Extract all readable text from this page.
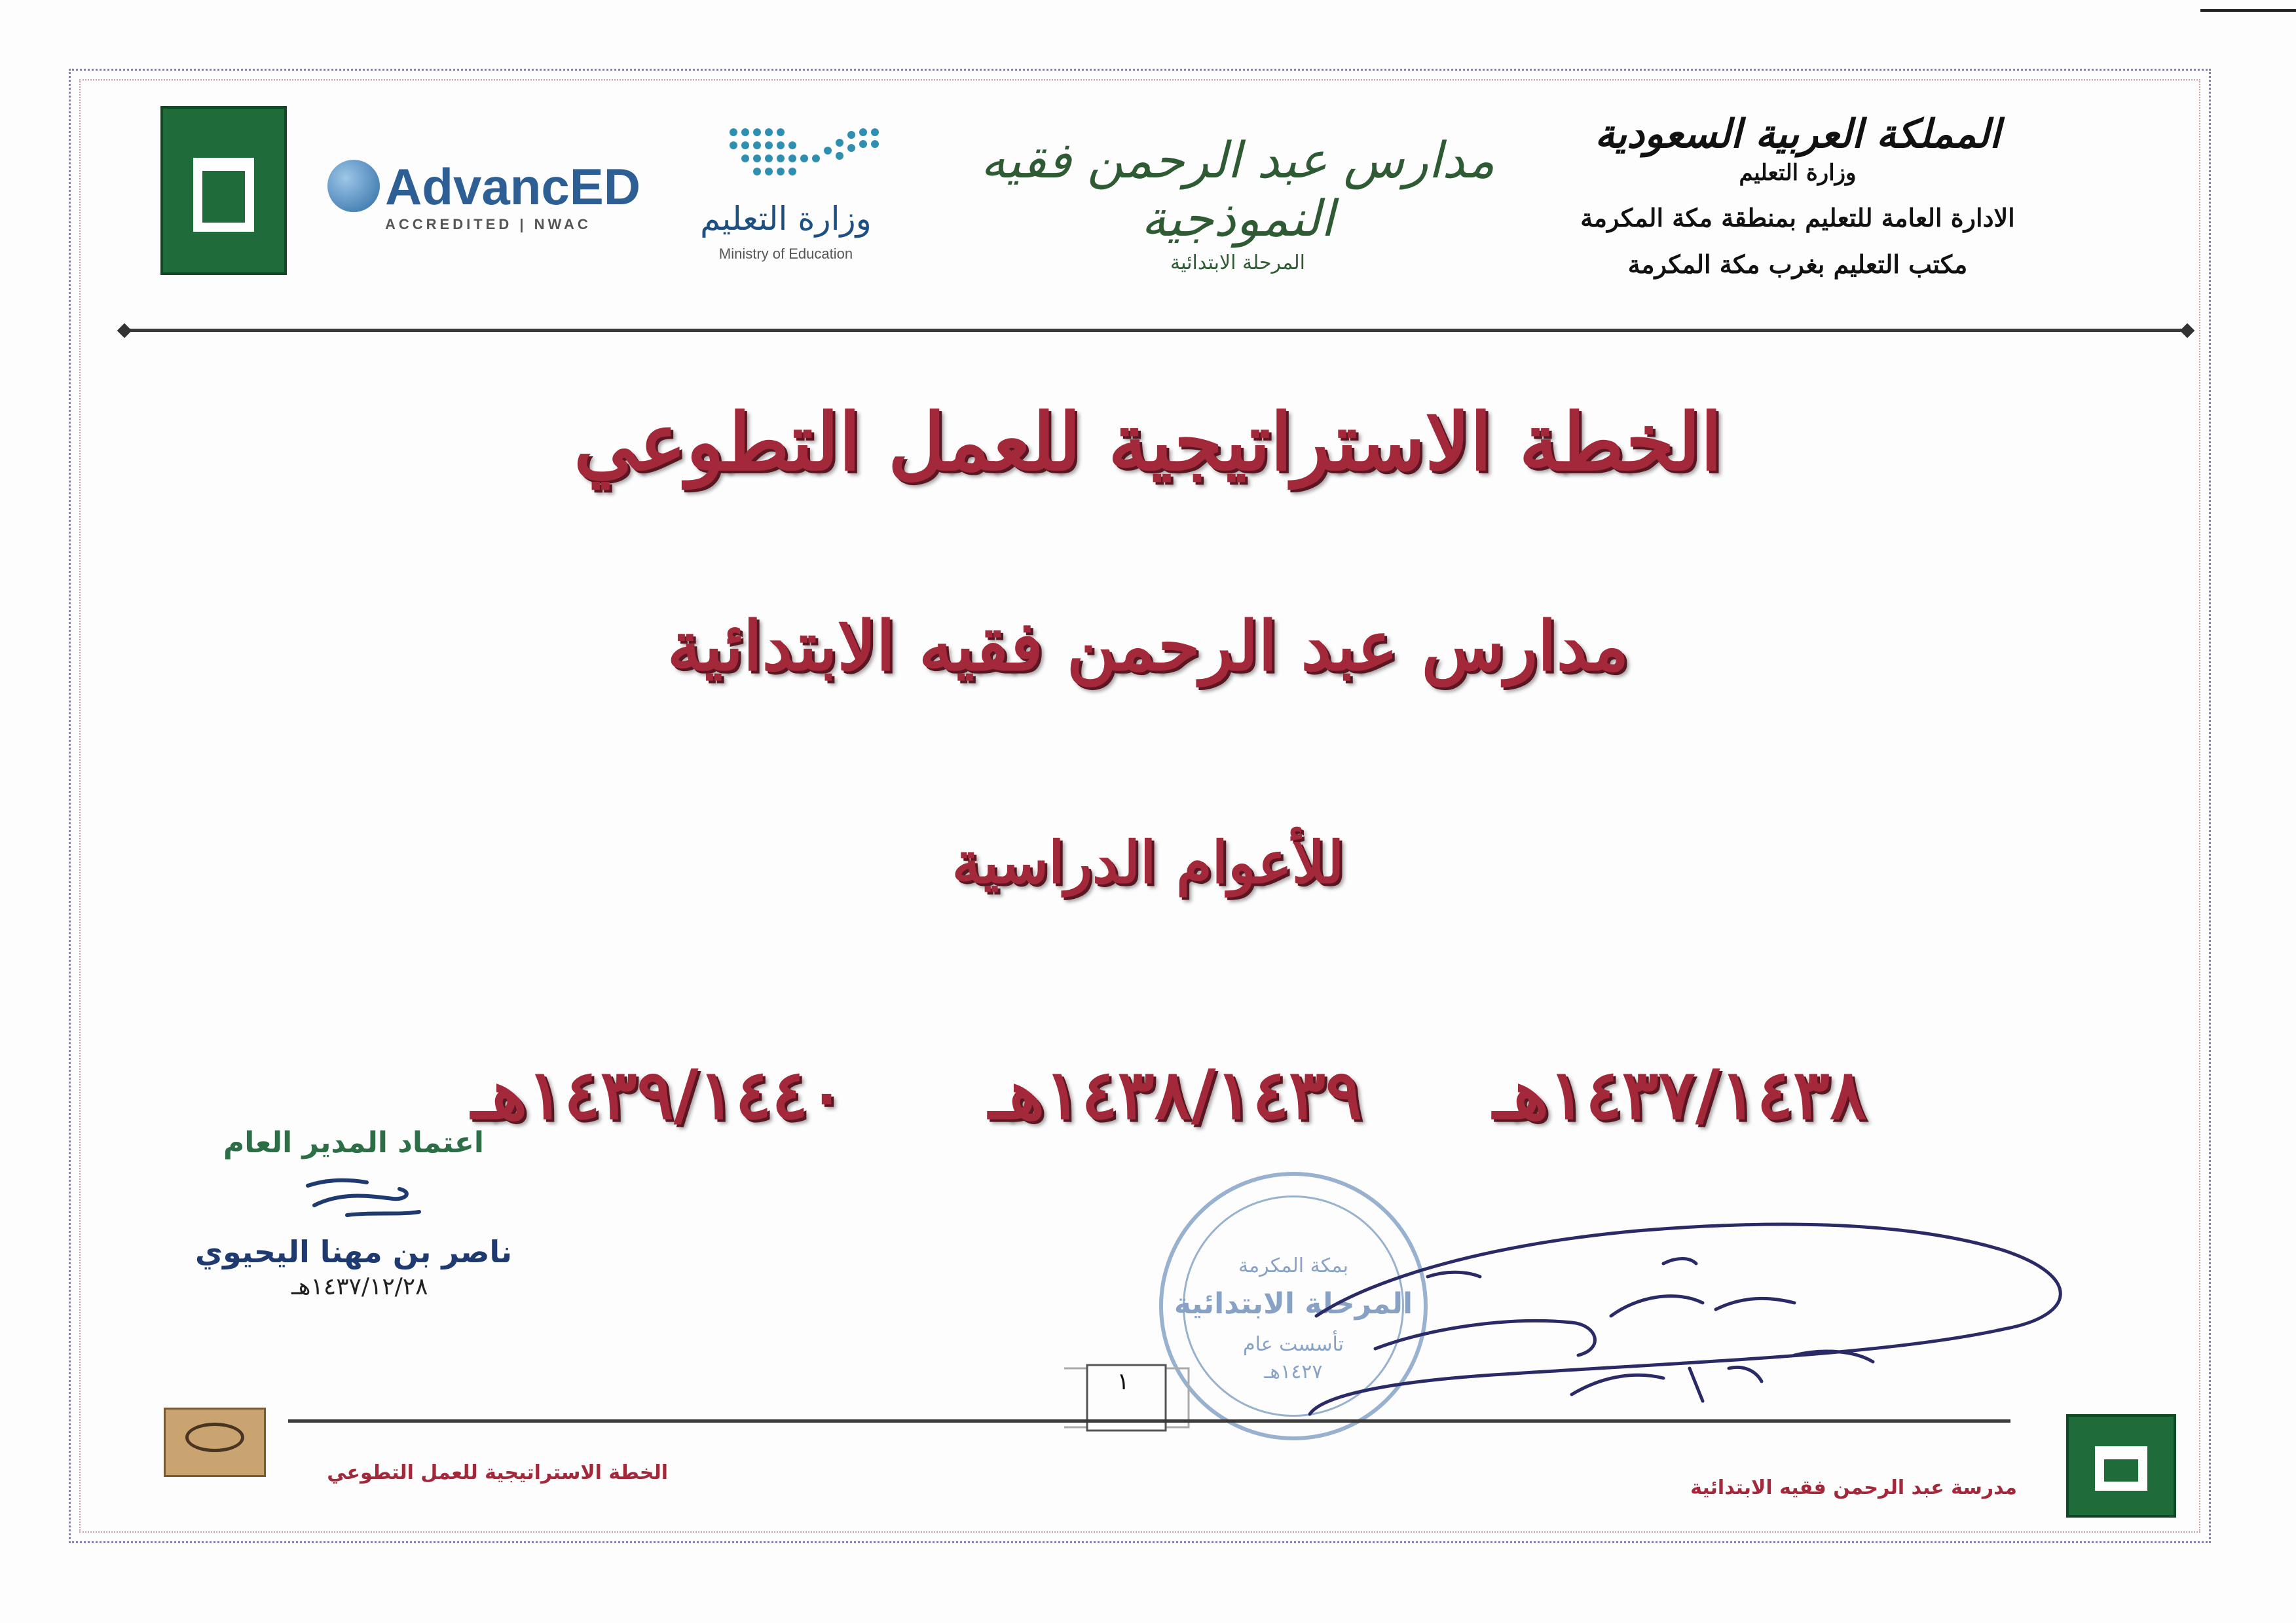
AdvancED
ACCREDITED | NWAC	وزارة التعليم
Ministry of Education
مدارس عبد الرحمن فقيه النموذجية
المرحلة الابتدائية
المملكة العربية السعودية
وزارة التعليم
الادارة العامة للتعليم بمنطقة مكة المكرمة
مكتب التعليم بغرب مكة المكرمة
الخطة الاستراتيجية للعمل التطوعي
مدارس عبد الرحمن فقيه الابتدائية
للأعوام الدراسية
١٤٣٧/١٤٣٨هـ
١٤٣٨/١٤٣٩هـ
١٤٣٩/١٤٤٠هـ
اعتماد المدير العام
ناصر بن مهنا اليحيوي
١٤٣٧/١٢/٢٨هـ
بمكة المكرمة
المرحلة الابتدائية
تأسست عام
١٤٢٧هـ
١
الخطة الاستراتيجية للعمل التطوعي
مدرسة عبد الرحمن فقيه الابتدائية
